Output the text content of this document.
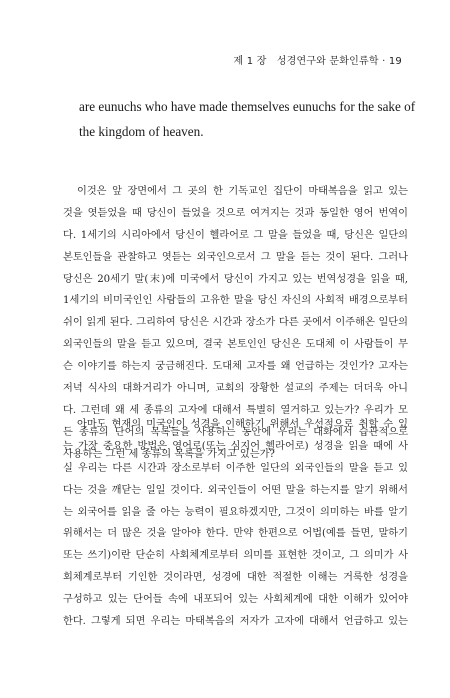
제 1 장 성경연구와 문화인류학 · 19
are eunuchs who have made themselves eunuchs for the sake of
the kingdom of heaven.
이것은 앞 장면에서 그 곳의 한 기독교인 집단이 마태복음을 읽고 있는
것을 엿듣었을 때 당신이 들었을 것으로 여겨지는 것과 동일한 영어 번역이
다. 1세기의 시리아에서 당신이 헬라어로 그 말을 들었을 때, 당신은 일단의
본토인들을 관찰하고 엿듣는 외국인으로서 그 말을 듣는 것이 된다. 그러나
당신은 20세기 말(末)에 미국에서 당신이 가지고 있는 번역성경을 읽을 때,
1세기의 비미국인인 사람들의 고유한 말을 당신 자신의 사회적 배경으로부터
쉬이 읽게 된다. 그리하여 당신은 시간과 장소가 다른 곳에서 이주해온 일단의
외국인들의 말을 듣고 있으며, 결국 본토인인 당신은 도대체 이 사람들이 무
슨 이야기를 하는지 궁금해진다. 도대체 고자를 왜 언급하는 것인가? 고자는
저녁 식사의 대화거리가 아니며, 교회의 장황한 설교의 주제는 더더욱 아니
다. 그런데 왜 세 종류의 고자에 대해서 특별히 열거하고 있는가? 우리가 모
든 종류의 단어의 목록들을 사용하는 동안에 우리는 대화에서 습관적으로
사용하는 그런 세 종류의 목록을 가지고 있는가?
아마도 현재의 미국인이 성경을 이해하기 위해서 우선적으로 취할 수 있
는 가장 중요한 방법은 영어로(또는 심지어 헬라어로) 성경을 읽을 때에 사
실 우리는 다른 시간과 장소로부터 이주한 일단의 외국인들의 말을 듣고 있
다는 것을 깨닫는 일일 것이다. 외국인들이 어떤 말을 하는지를 알기 위해서
는 외국어를 읽을 줄 아는 능력이 필요하겠지만, 그것이 의미하는 바를 알기
위해서는 더 많은 것을 알아야 한다. 만약 한편으로 어법(예를 들면, 말하기
또는 쓰기)이란 단순히 사회체계로부터 의미를 표현한 것이고, 그 의미가 사
회체계로부터 기인한 것이라면, 성경에 대한 적절한 이해는 거룩한 성경을
구성하고 있는 단어들 속에 내포되어 있는 사회체계에 대한 이해가 있어야
한다. 그렇게 되면 우리는 마태복음의 저자가 고자에 대해서 언급하고 있는
